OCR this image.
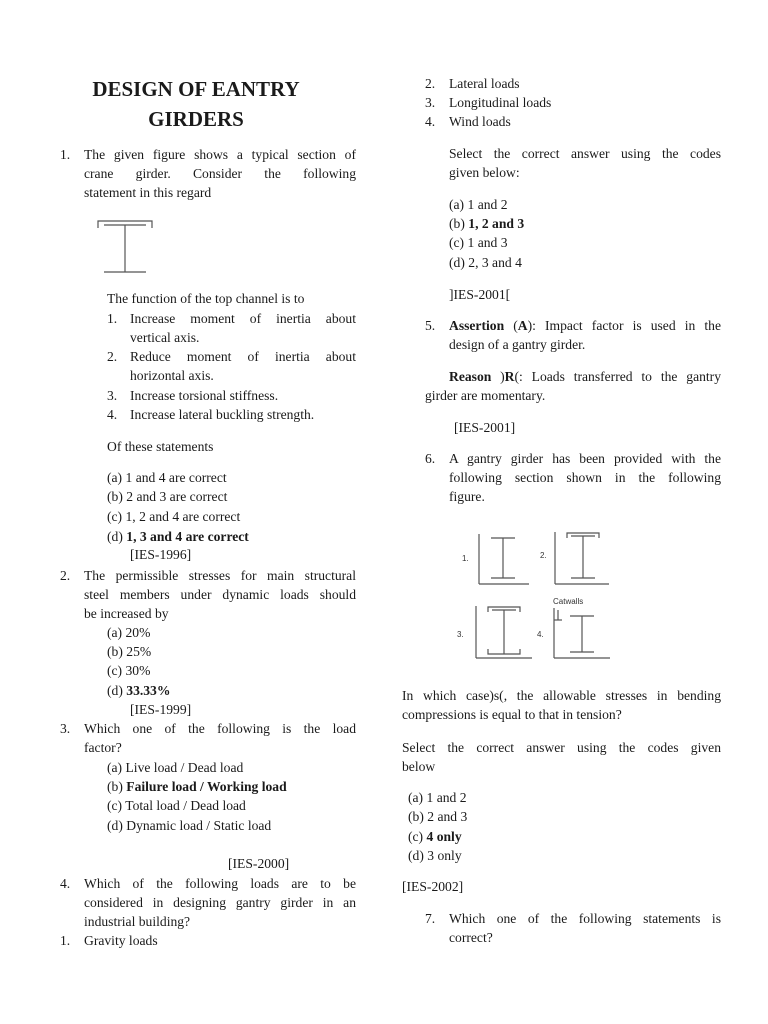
DESIGN OF EANTRY
GIRDERS
1. The given figure shows a typical section of
crane girder. Consider the following
statement in this regard
The function of the top channel is to
1. Increase moment of inertia about
vertical axis.
2. Reduce moment of inertia about
horizontal axis.
3. Increase torsional stiffness.
4. Increase lateral buckling strength.
Of these statements
(a) 1 and 4 are correct
(b) 2 and 3 are correct
(c) 1, 2 and 4 are correct
(d) 1, 3 and 4 are correct
[IES-1996]
2. The permissible stresses for main structural
steel members under dynamic loads should
be increased by
(a) 20%
(b) 25%
(c) 30%
(d) 33.33%
[IES-1999]
3. Which one of the following is the load
factor?
(a) Live load / Dead load
(b) Failure load / Working load
(c) Total load / Dead load
(d) Dynamic load / Static load
[IES-2000]
4. Which of the following loads are to be
considered in designing gantry girder in an
industrial building?
1. Gravity loads
2. Lateral loads
3. Longitudinal loads
4. Wind loads
Select the correct answer using the codes
given below:
(a) 1 and 2
(b) 1, 2 and 3
(c) 1 and 3
(d) 2, 3 and 4
]IES-2001[
5. Assertion (A): Impact factor is used in the
design of a gantry girder.
Reason )R(: Loads transferred to the gantry
girder are momentary.
[IES-2001]
6. A gantry girder has been provided with the
following section shown in the following
figure.
1.	2.
3.	4.
Catwalls
In which case)s(, the allowable stresses in bending
compressions is equal to that in tension?
Select the correct answer using the codes given
below
(a) 1 and 2
(b) 2 and 3
(c) 4 only
(d) 3 only
[IES-2002]
7. Which one of the following statements is
correct?
